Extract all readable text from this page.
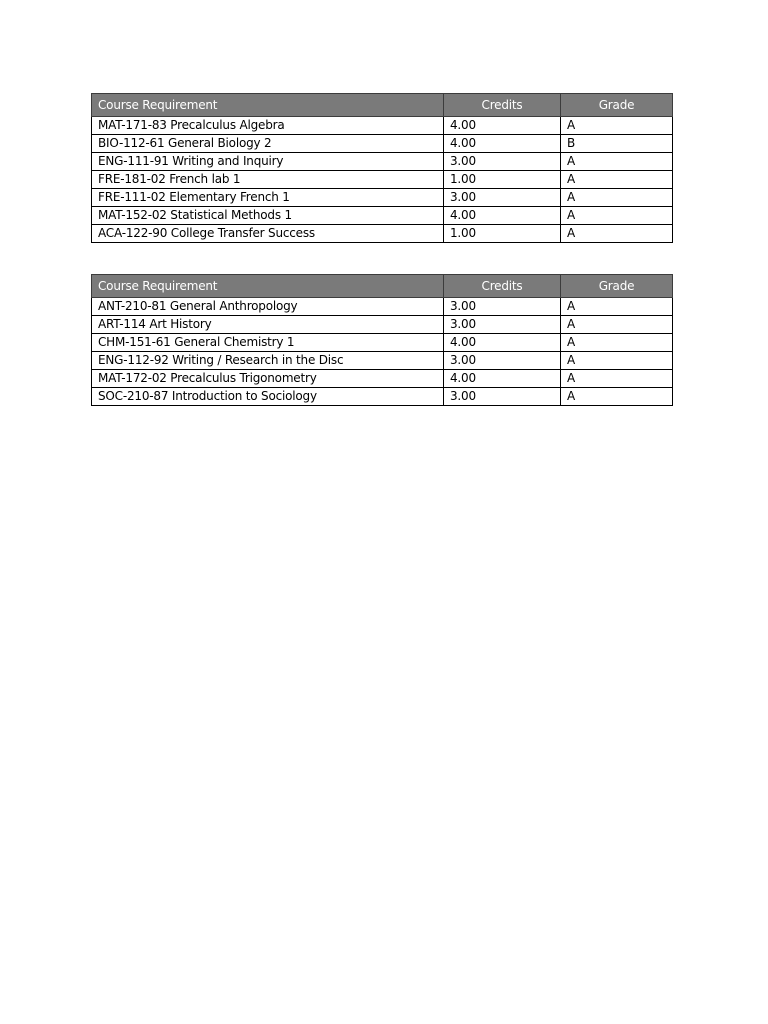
Course Requirement	Credits	Grade
MAT-171-83 Precalculus Algebra	4.00	A
BIO-112-61 General Biology 2	4.00	B
ENG-111-91 Writing and Inquiry	3.00	A
FRE-181-02 French lab 1	1.00	A
FRE-111-02 Elementary French 1	3.00	A
MAT-152-02 Statistical Methods 1	4.00	A
ACA-122-90 College Transfer Success	1.00	A
Course Requirement	Credits	Grade
ANT-210-81 General Anthropology	3.00	A
ART-114 Art History	3.00	A
CHM-151-61 General Chemistry 1	4.00	A
ENG-112-92 Writing / Research in the Disc	3.00	A
MAT-172-02 Precalculus Trigonometry	4.00	A
SOC-210-87 Introduction to Sociology	3.00	A
